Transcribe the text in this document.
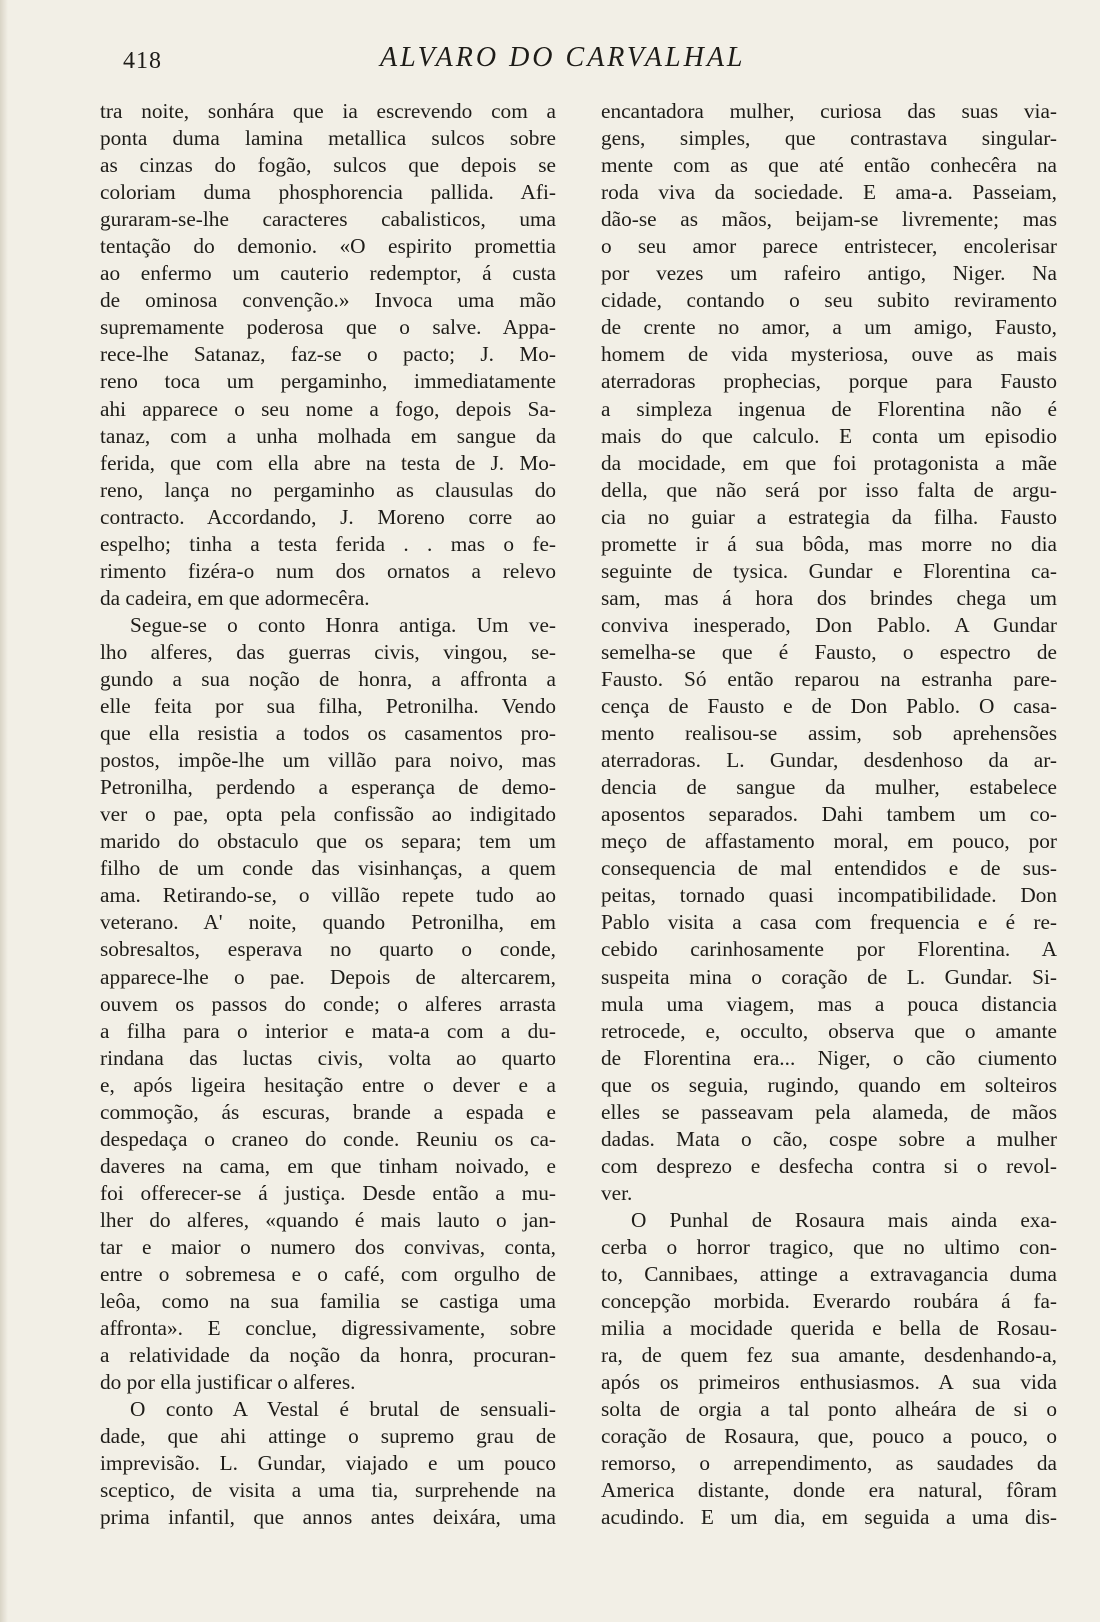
418	ALVARO DO CARVALHAL
tra noite, sonhára que ia escrevendo com a
ponta duma lamina metallica sulcos sobre
as cinzas do fogão, sulcos que depois se
coloriam duma phosphorencia pallida. Afi-
guraram-se-lhe caracteres cabalisticos, uma
tentação do demonio. «O espirito promettia
ao enfermo um cauterio redemptor, á custa
de ominosa convenção.» Invoca uma mão
supremamente poderosa que o salve. Appa-
rece-lhe Satanaz, faz-se o pacto; J. Mo-
reno toca um pergaminho, immediatamente
ahi apparece o seu nome a fogo, depois Sa-
tanaz, com a unha molhada em sangue da
ferida, que com ella abre na testa de J. Mo-
reno, lança no pergaminho as clausulas do
contracto. Accordando, J. Moreno corre ao
espelho; tinha a testa ferida . . mas o fe-
rimento fizéra-o num dos ornatos a relevo
da cadeira, em que adormecêra.
Segue-se o conto Honra antiga. Um ve-
lho alferes, das guerras civis, vingou, se-
gundo a sua noção de honra, a affronta a
elle feita por sua filha, Petronilha. Vendo
que ella resistia a todos os casamentos pro-
postos, impõe-lhe um villão para noivo, mas
Petronilha, perdendo a esperança de demo-
ver o pae, opta pela confissão ao indigitado
marido do obstaculo que os separa; tem um
filho de um conde das visinhanças, a quem
ama. Retirando-se, o villão repete tudo ao
veterano. A' noite, quando Petronilha, em
sobresaltos, esperava no quarto o conde,
apparece-lhe o pae. Depois de altercarem,
ouvem os passos do conde; o alferes arrasta
a filha para o interior e mata-a com a du-
rindana das luctas civis, volta ao quarto
e, após ligeira hesitação entre o dever e a
commoção, ás escuras, brande a espada e
despedaça o craneo do conde. Reuniu os ca-
daveres na cama, em que tinham noivado, e
foi offerecer-se á justiça. Desde então a mu-
lher do alferes, «quando é mais lauto o jan-
tar e maior o numero dos convivas, conta,
entre o sobremesa e o café, com orgulho de
leôa, como na sua familia se castiga uma
affronta». E conclue, digressivamente, sobre
a relatividade da noção da honra, procuran-
do por ella justificar o alferes.
O conto A Vestal é brutal de sensuali-
dade, que ahi attinge o supremo grau de
imprevisão. L. Gundar, viajado e um pouco
sceptico, de visita a uma tia, surprehende na
prima infantil, que annos antes deixára, uma
encantadora mulher, curiosa das suas via-
gens, simples, que contrastava singular-
mente com as que até então conhecêra na
roda viva da sociedade. E ama-a. Passeiam,
dão-se as mãos, beijam-se livremente; mas
o seu amor parece entristecer, encolerisar
por vezes um rafeiro antigo, Niger. Na
cidade, contando o seu subito reviramento
de crente no amor, a um amigo, Fausto,
homem de vida mysteriosa, ouve as mais
aterradoras prophecias, porque para Fausto
a simpleza ingenua de Florentina não é
mais do que calculo. E conta um episodio
da mocidade, em que foi protagonista a mãe
della, que não será por isso falta de argu-
cia no guiar a estrategia da filha. Fausto
promette ir á sua bôda, mas morre no dia
seguinte de tysica. Gundar e Florentina ca-
sam, mas á hora dos brindes chega um
conviva inesperado, Don Pablo. A Gundar
semelha-se que é Fausto, o espectro de
Fausto. Só então reparou na estranha pare-
cença de Fausto e de Don Pablo. O casa-
mento realisou-se assim, sob aprehensões
aterradoras. L. Gundar, desdenhoso da ar-
dencia de sangue da mulher, estabelece
aposentos separados. Dahi tambem um co-
meço de affastamento moral, em pouco, por
consequencia de mal entendidos e de sus-
peitas, tornado quasi incompatibilidade. Don
Pablo visita a casa com frequencia e é re-
cebido carinhosamente por Florentina. A
suspeita mina o coração de L. Gundar. Si-
mula uma viagem, mas a pouca distancia
retrocede, e, occulto, observa que o amante
de Florentina era... Niger, o cão ciumento
que os seguia, rugindo, quando em solteiros
elles se passeavam pela alameda, de mãos
dadas. Mata o cão, cospe sobre a mulher
com desprezo e desfecha contra si o revol-
ver.
O Punhal de Rosaura mais ainda exa-
cerba o horror tragico, que no ultimo con-
to, Cannibaes, attinge a extravagancia duma
concepção morbida. Everardo roubára á fa-
milia a mocidade querida e bella de Rosau-
ra, de quem fez sua amante, desdenhando-a,
após os primeiros enthusiasmos. A sua vida
solta de orgia a tal ponto alheára de si o
coração de Rosaura, que, pouco a pouco, o
remorso, o arrependimento, as saudades da
America distante, donde era natural, fôram
acudindo. E um dia, em seguida a uma dis-
